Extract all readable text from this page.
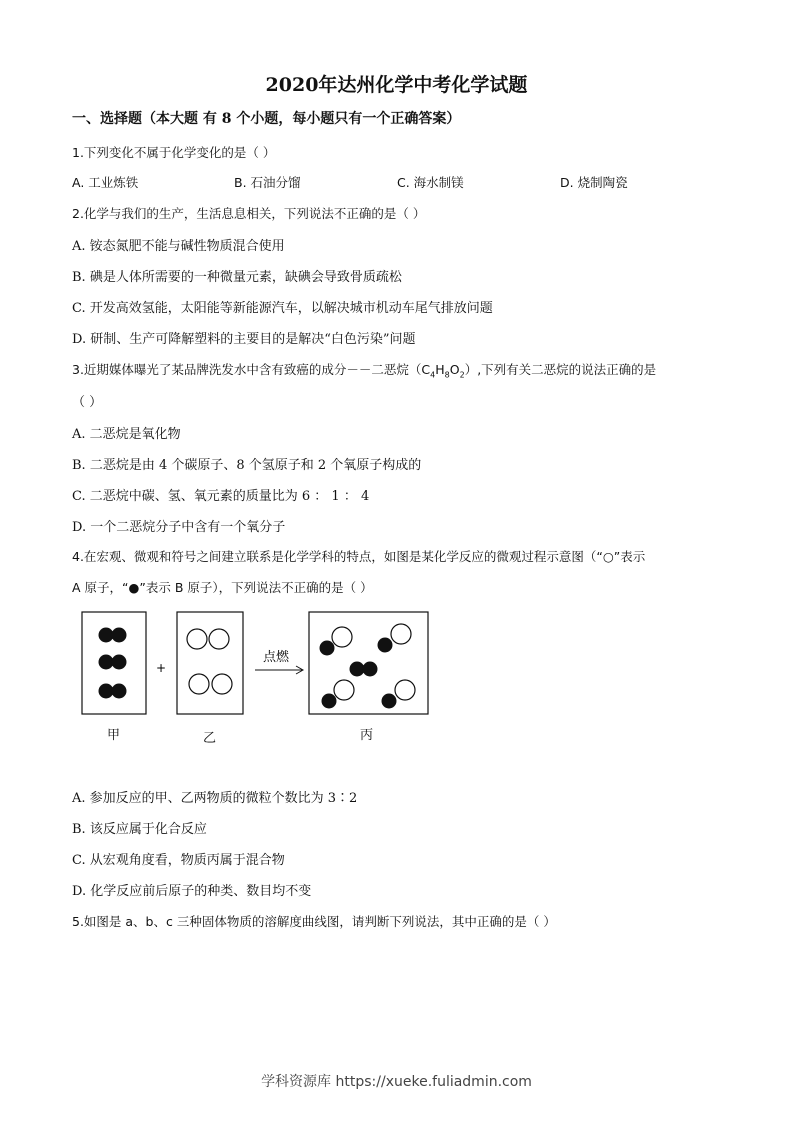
2020年达州化学中考化学试题
一、选择题（本大题 有 8 个小题，每小题只有一个正确答案）
1.下列变化不属于化学变化的是（ ）
A. 工业炼铁	B. 石油分馏	C. 海水制镁	D. 烧制陶瓷
2.化学与我们的生产，生活息息相关，下列说法不正确的是（ ）
A. 铵态氮肥不能与碱性物质混合使用
B. 碘是人体所需要的一种微量元素，缺碘会导致骨质疏松
C. 开发高效氢能，太阳能等新能源汽车，以解决城市机动车尾气排放问题
D. 研制、生产可降解塑料的主要目的是解决“白色污染”问题
3.近期媒体曝光了某品牌洗发水中含有致癌的成分－－二恶烷$(C_4H_8O_2)$,下列有关二恶烷的说法正确的是
（ ）
A. 二恶烷是氧化物
B. 二恶烷是由 4 个碳原子、8 个氢原子和 2 个氧原子构成的
C. 二恶烷中碳、氢、氧元素的质量比为 6 ： 1 ： 4
D. 一个二恶烷分子中含有一个氧分子
4.在宏观、微观和符号之间建立联系是化学学科的特点，如图是某化学反应的微观过程示意图（“○”表示
A 原子，“●”表示 B 原子），下列说法不正确的是（ ）
+
点燃
甲	乙	丙
A. 参加反应的甲、乙两物质的微粒个数比为 3∶2
B. 该反应属于化合反应
C. 从宏观角度看，物质丙属于混合物
D. 化学反应前后原子的种类、数目均不变
5.如图是 a、b、c 三种固体物质的溶解度曲线图，请判断下列说法，其中正确的是（ ）
学科资源库 https://xueke.fuliadmin.com
